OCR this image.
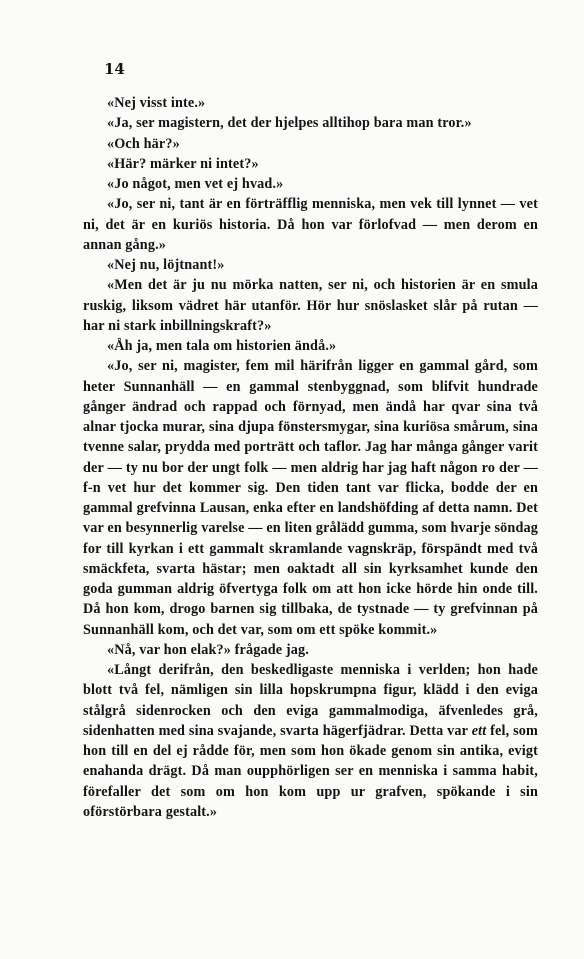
14

«Nej visst inte.»

«Ja, ser magistern, det der hjelpes alltihop bara man tror.»

«Och här?»

«Här? märker ni intet?»

«Jo något, men vet ej hvad.»

«Jo, ser ni, tant är en förträfflig menniska, men vek till lynnet — vet ni, det är en kuriös historia. Då hon var förlofvad — men derom en annan gång.»

«Nej nu, löjtnant!»

«Men det är ju nu mörka natten, ser ni, och historien är en smula ruskig, liksom vädret här utanför. Hör hur snöslasket slår på rutan — har ni stark inbillningskraft?»

«Åh ja, men tala om historien ändå.»

«Jo, ser ni, magister, fem mil härifrån ligger en gammal gård, som heter Sunnanhäll — en gammal stenbyggnad, som blifvit hundrade gånger ändrad och rappad och förnyad, men ändå har qvar sina två alnar tjocka murar, sina djupa fönstersmygar, sina kuriösa smårum, sina tvenne salar, prydda med porträtt och taflor. Jag har många gånger varit der — ty nu bor der ungt folk — men aldrig har jag haft någon ro der — f-n vet hur det kommer sig. Den tiden tant var flicka, bodde der en gammal grefvinna Lausan, enka efter en landshöfding af detta namn. Det var en besynnerlig varelse — en liten grålädd gumma, som hvarje söndag for till kyrkan i ett gammalt skramlande vagnskräp, förspändt med två smäckfeta, svarta hästar; men oaktadt all sin kyrksamhet kunde den goda gumman aldrig öfvertyga folk om att hon icke hörde hin onde till. Då hon kom, drogo barnen sig tillbaka, de tystnade — ty grefvinnan på Sunnanhäll kom, och det var, som om ett spöke kommit.»

«Nå, var hon elak?» frågade jag.

«Långt derifrån, den beskedligaste menniska i verlden; hon hade blott två fel, nämligen sin lilla hopskrumpna figur, klädd i den eviga stålgrå sidenrocken och den eviga gammalmodiga, äfvenledes grå, sidenhatten med sina svajande, svarta hägerfjädrar. Detta var ett fel, som hon till en del ej rådde för, men som hon ökade genom sin antika, evigt enahanda drägt. Då man oupphörligen ser en menniska i samma habit, förefaller det som om hon kom upp ur grafven, spökande i sin oförstörbara gestalt.»
